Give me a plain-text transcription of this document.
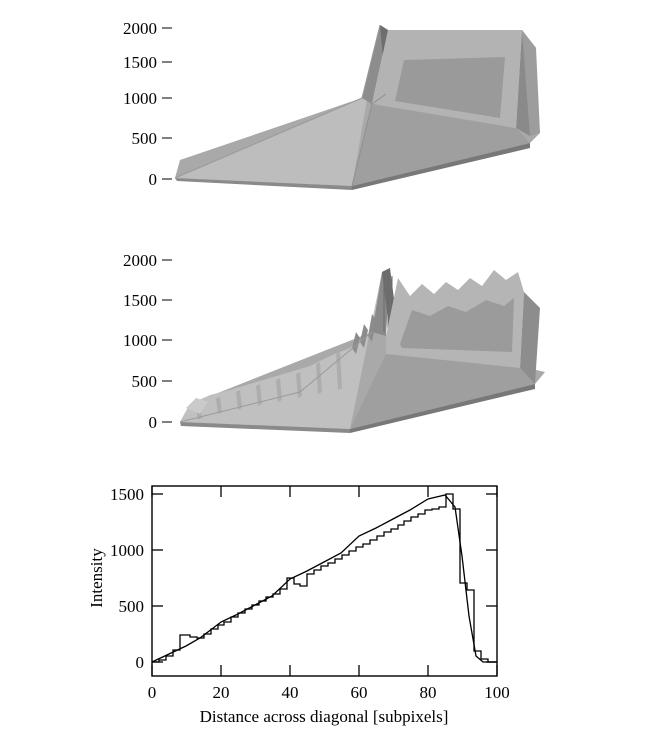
2000
1500
1000
500
0
2000
1500
1000
500
0
1500
1000
500
0
0	20	40	60	80	100
Distance across diagonal [subpixels]
Intensity
